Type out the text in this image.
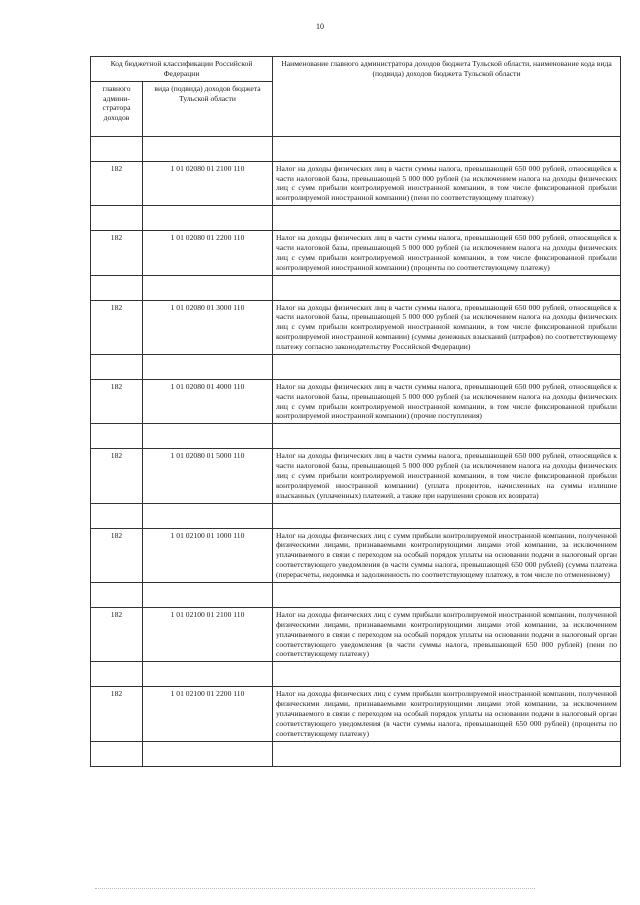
10
Код бюджетной классификации Российской Федерации		Наименование главного администратора доходов бюджета Тульской области, наименование кода вида (подвида) доходов бюджета Тульской области
главного админи- стратора доходов	вида (подвида) доходов бюджета Тульской области	

182	1 01 02080 01 2100 110	Налог на доходы физических лиц в части суммы налога, превышающей 650 000 рублей, относящейся к части налоговой базы, превышающей 5 000 000 рублей (за исключением налога на доходы физических лиц с сумм прибыли контролируемой иностранной компании, в том числе фиксированной прибыли контролируемой иностранной компании) (пени по соответствующему платежу)

182	1 01 02080 01 2200 110	Налог на доходы физических лиц в части суммы налога, превышающей 650 000 рублей, относящейся к части налоговой базы, превышающей 5 000 000 рублей (за исключением налога на доходы физических лиц с сумм прибыли контролируемой иностранной компании, в том числе фиксированной прибыли контролируемой иностранной компании) (проценты по соответствующему платежу)

182	1 01 02080 01 3000 110	Налог на доходы физических лиц в части суммы налога, превышающей 650 000 рублей, относящейся к части налоговой базы, превышающей 5 000 000 рублей (за исключением налога на доходы физических лиц с сумм прибыли контролируемой иностранной компании, в том числе фиксированной прибыли контролируемой иностранной компании) (суммы денежных взысканий (штрафов) по соответствующему платежу согласно законодательству Российской Федерации)

182	1 01 02080 01 4000 110	Налог на доходы физических лиц в части суммы налога, превышающей 650 000 рублей, относящейся к части налоговой базы, превышающей 5 000 000 рублей (за исключением налога на доходы физических лиц с сумм прибыли контролируемой иностранной компании, в том числе фиксированной прибыли контролируемой иностранной компании) (прочие поступления)

182	1 01 02080 01 5000 110	Налог на доходы физических лиц в части суммы налога, превышающей 650 000 рублей, относящейся к части налоговой базы, превышающей 5 000 000 рублей (за исключением налога на доходы физических лиц с сумм прибыли контролируемой иностранной компании, в том числе фиксированной прибыли контролируемой иностранной компании) (уплата процентов, начисленных на суммы излишне взысканных (уплаченных) платежей, а также при нарушении сроков их возврата)

182	1 01 02100 01 1000 110	Налог на доходы физических лиц с сумм прибыли контролируемой иностранной компании, полученной физическими лицами, признаваемыми контролирующими лицами этой компании, за исключением уплачиваемого в связи с переходом на особый порядок уплаты на основании подачи в налоговый орган соответствующего уведомления (в части суммы налога, превышающей 650 000 рублей) (сумма платежа (перерасчеты, недоимка и задолженность по соответствующему платежу, в том числе по отмененному)

182	1 01 02100 01 2100 110	Налог на доходы физических лиц с сумм прибыли контролируемой иностранной компании, полученной физическими лицами, признаваемыми контролирующими лицами этой компании, за исключением уплачиваемого в связи с переходом на особый порядок уплаты на основании подачи в налоговый орган соответствующего уведомления (в части суммы налога, превышающей 650 000 рублей) (пени по соответствующему платежу)

182	1 01 02100 01 2200 110	Налог на доходы физических лиц с сумм прибыли контролируемой иностранной компании, полученной физическими лицами, признаваемыми контролирующими лицами этой компании, за исключением уплачиваемого в связи с переходом на особый порядок уплаты на основании подачи в налоговый орган соответствующего уведомления (в части суммы налога, превышающей 650 000 рублей) (проценты по соответствующему платежу)
